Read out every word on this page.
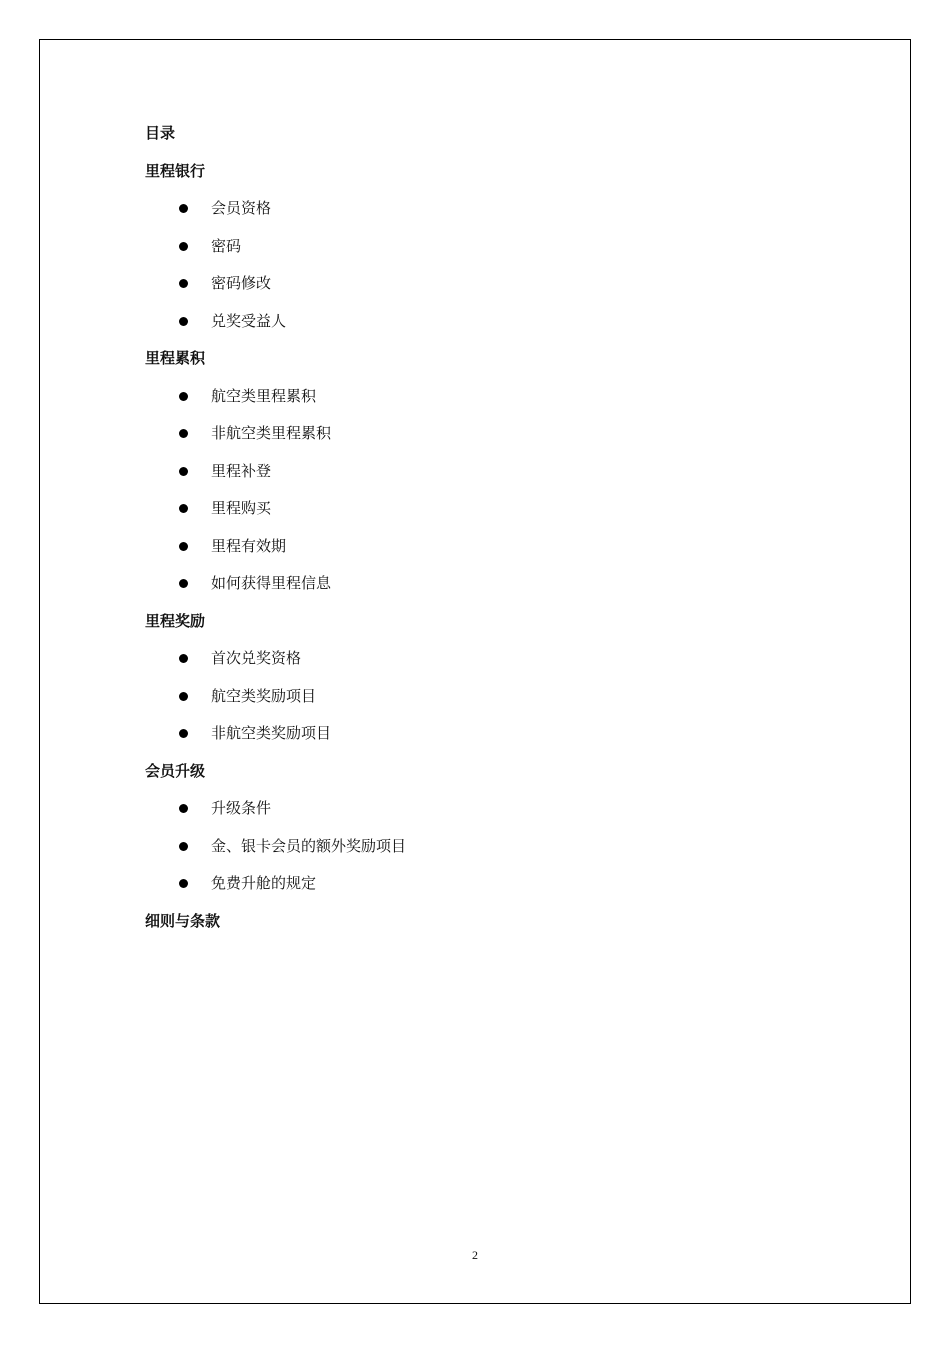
目录
里程银行
会员资格
密码
密码修改
兑奖受益人
里程累积
航空类里程累积
非航空类里程累积
里程补登
里程购买
里程有效期
如何获得里程信息
里程奖励
首次兑奖资格
航空类奖励项目
非航空类奖励项目
会员升级
升级条件
金、银卡会员的额外奖励项目
免费升舱的规定
细则与条款
2
